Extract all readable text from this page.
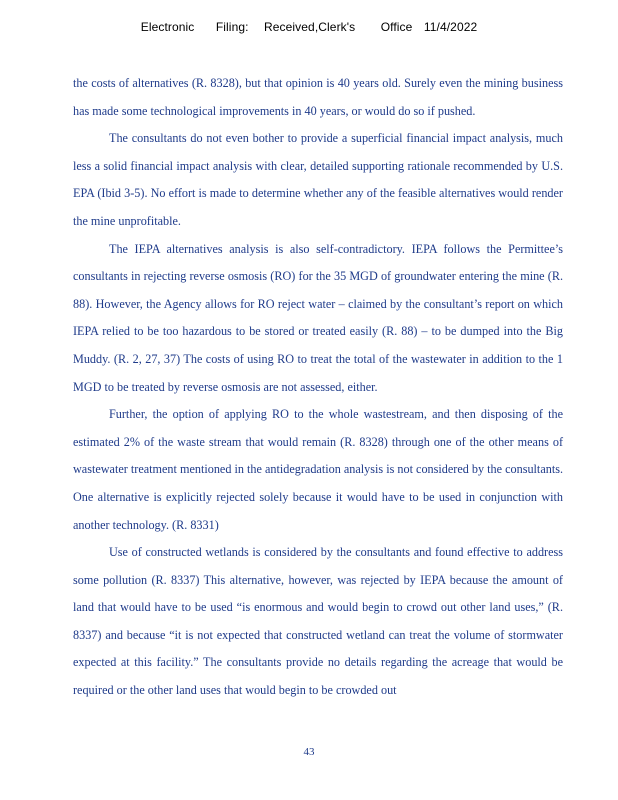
Electronic Filing: Received,Clerk's Office 11/4/2022

the costs of alternatives (R. 8328), but that opinion is 40 years old. Surely even the mining business has made some technological improvements in 40 years, or would do so if pushed.

The consultants do not even bother to provide a superficial financial impact analysis, much less a solid financial impact analysis with clear, detailed supporting rationale recommended by U.S. EPA (Ibid 3-5). No effort is made to determine whether any of the feasible alternatives would render the mine unprofitable.

The IEPA alternatives analysis is also self-contradictory. IEPA follows the Permittee’s consultants in rejecting reverse osmosis (RO) for the 35 MGD of groundwater entering the mine (R. 88). However, the Agency allows for RO reject water – claimed by the consultant’s report on which IEPA relied to be too hazardous to be stored or treated easily (R. 88) – to be dumped into the Big Muddy. (R. 2, 27, 37) The costs of using RO to treat the total of the wastewater in addition to the 1 MGD to be treated by reverse osmosis are not assessed, either.

Further, the option of applying RO to the whole wastestream, and then disposing of the estimated 2% of the waste stream that would remain (R. 8328) through one of the other means of wastewater treatment mentioned in the antidegradation analysis is not considered by the consultants. One alternative is explicitly rejected solely because it would have to be used in conjunction with another technology. (R. 8331)

Use of constructed wetlands is considered by the consultants and found effective to address some pollution (R. 8337) This alternative, however, was rejected by IEPA because the amount of land that would have to be used “is enormous and would begin to crowd out other land uses,” (R. 8337) and because “it is not expected that constructed wetland can treat the volume of stormwater expected at this facility.” The consultants provide no details regarding the acreage that would be required or the other land uses that would begin to be crowded out

43
